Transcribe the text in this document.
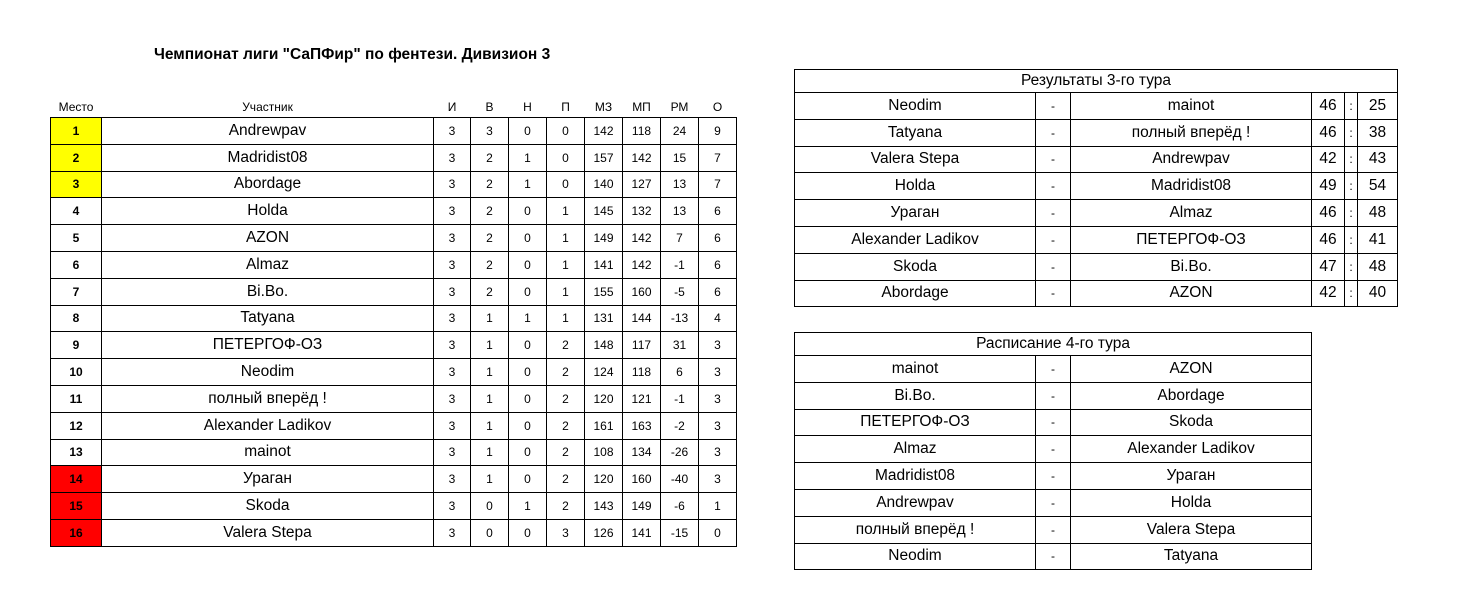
Чемпионат лиги "СаПФир" по фентези. Дивизион 3
Место	Участник	И	В	Н	П	МЗ	МП	РМ	О
1	Andrewpav	3	3	0	0	142	118	24	9
2	Madridist08	3	2	1	0	157	142	15	7
3	Abordage	3	2	1	0	140	127	13	7
4	Holda	3	2	0	1	145	132	13	6
5	AZON	3	2	0	1	149	142	7	6
6	Almaz	3	2	0	1	141	142	-1	6
7	Bi.Bo.	3	2	0	1	155	160	-5	6
8	Tatyana	3	1	1	1	131	144	-13	4
9	ПЕТЕРГОФ-ОЗ	3	1	0	2	148	117	31	3
10	Neodim	3	1	0	2	124	118	6	3
11	полный вперёд !	3	1	0	2	120	121	-1	3
12	Alexander Ladikov	3	1	0	2	161	163	-2	3
13	mainot	3	1	0	2	108	134	-26	3
14	Ураган	3	1	0	2	120	160	-40	3
15	Skoda	3	0	1	2	143	149	-6	1
16	Valera Stepa	3	0	0	3	126	141	-15	0
Результаты 3-го тура					
Neodim	-	mainot	46	:	25
Tatyana	-	полный вперёд !	46	:	38
Valera Stepa	-	Andrewpav	42	:	43
Holda	-	Madridist08	49	:	54
Ураган	-	Almaz	46	:	48
Alexander Ladikov	-	ПЕТЕРГОФ-ОЗ	46	:	41
Skoda	-	Bi.Bo.	47	:	48
Abordage	-	AZON	42	:	40
Расписание 4-го тура		
mainot	-	AZON
Bi.Bo.	-	Abordage
ПЕТЕРГОФ-ОЗ	-	Skoda
Almaz	-	Alexander Ladikov
Madridist08	-	Ураган
Andrewpav	-	Holda
полный вперёд !	-	Valera Stepa
Neodim	-	Tatyana
